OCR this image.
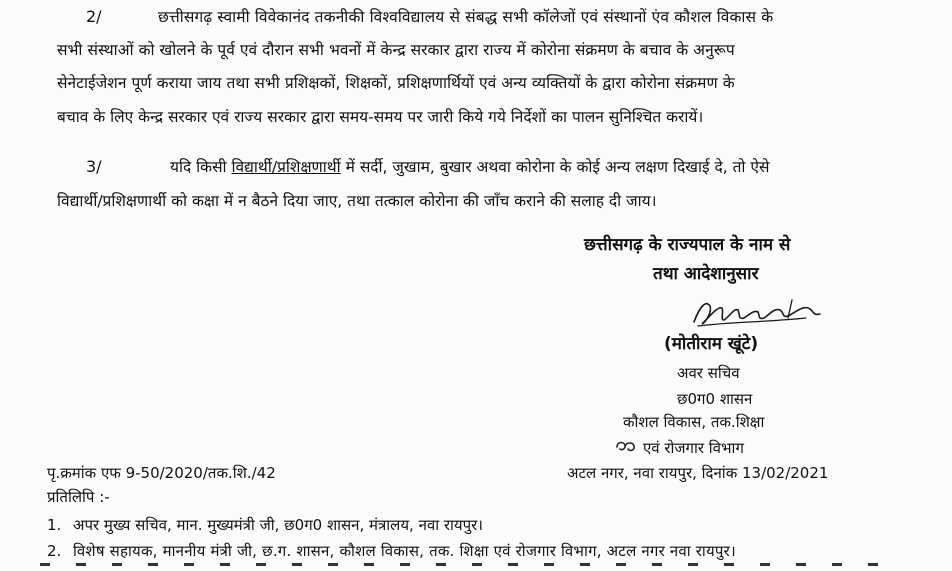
2/	छत्तीसगढ़ स्वामी विवेकानंद तकनीकी विश्वविद्यालय से संबद्ध सभी कॉलेजों एवं संस्थानों एंव कौशल विकास के
सभी संस्थाओं को खोलने के पूर्व एवं दौरान सभी भवनों में केन्द्र सरकार द्वारा राज्य में कोरोना संक्रमण के बचाव के अनुरूप
सेनेटाईजेशन पूर्ण कराया जाय तथा सभी प्रशिक्षकों, शिक्षकों, प्रशिक्षणार्थियों एवं अन्य व्यक्तियों के द्वारा कोरोना संक्रमण के
बचाव के लिए केन्द्र सरकार एवं राज्य सरकार द्वारा समय-समय पर जारी किये गये निर्देशों का पालन सुनिश्चित करायें।
3/	यदि किसी विद्यार्थी/प्रशिक्षणार्थी में सर्दी, जुखाम, बुखार अथवा कोरोना के कोई अन्य लक्षण दिखाई दे, तो ऐसे
विद्यार्थी/प्रशिक्षणार्थी को कक्षा में न बैठने दिया जाए, तथा तत्काल कोरोना की जाँच कराने की सलाह दी जाय।
छत्तीसगढ़ के राज्यपाल के नाम से
तथा आदेशानुसार
(मोतीराम खूंटे)
अवर सचिव
छ0ग0 शासन
कौशल विकास, तक.शिक्षा
एवं रोजगार विभाग
पृ.क्रमांक एफ 9-50/2020/तक.शि./42	अटल नगर, नवा रायपुर, दिनांक 13/02/2021
प्रतिलिपि :-
1. अपर मुख्य सचिव, मान. मुख्यमंत्री जी, छ0ग0 शासन, मंत्रालय, नवा रायपुर।
2. विशेष सहायक, माननीय मंत्री जी, छ.ग. शासन, कौशल विकास, तक. शिक्षा एवं रोजगार विभाग, अटल नगर नवा रायपुर।
